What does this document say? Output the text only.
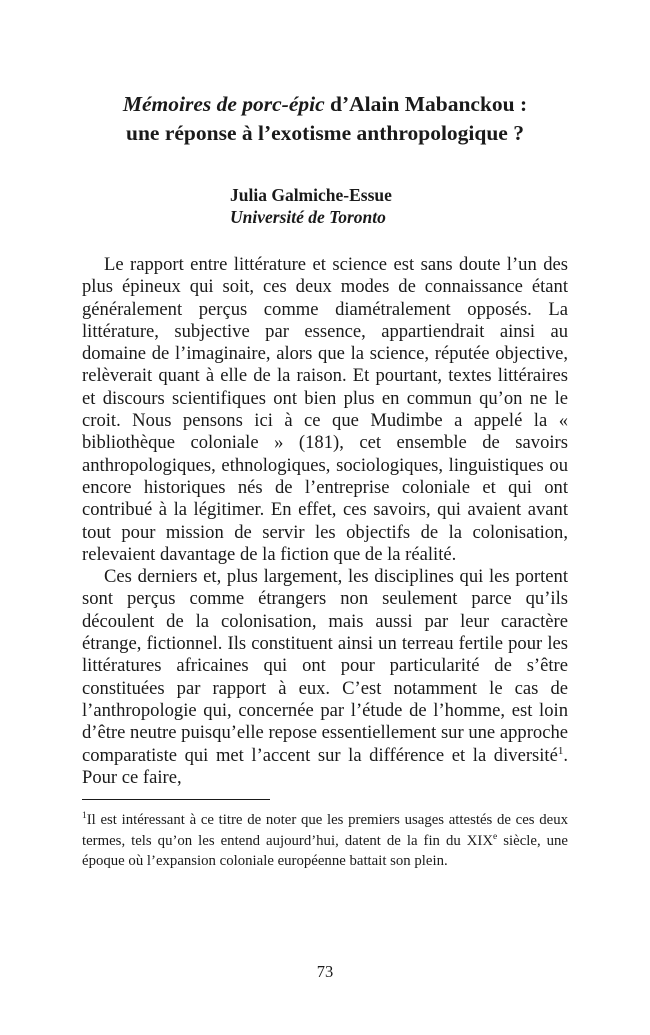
Mémoires de porc-épic d’Alain Mabanckou :
une réponse à l’exotisme anthropologique ?
Julia Galmiche-Essue
Université de Toronto

Le rapport entre littérature et science est sans doute l’un des plus épineux qui soit, ces deux modes de connaissance étant généralement perçus comme diamétralement opposés. La littérature, subjective par essence, appartiendrait ainsi au domaine de l’imaginaire, alors que la science, réputée objective, relèverait quant à elle de la raison. Et pourtant, textes littéraires et discours scientifiques ont bien plus en commun qu’on ne le croit. Nous pensons ici à ce que Mudimbe a appelé la « bibliothèque coloniale » (181), cet ensemble de savoirs anthropologiques, ethnologiques, sociologiques, linguistiques ou encore historiques nés de l’entreprise coloniale et qui ont contribué à la légitimer. En effet, ces savoirs, qui avaient avant tout pour mission de servir les objectifs de la colonisation, relevaient davantage de la fiction que de la réalité.

Ces derniers et, plus largement, les disciplines qui les portent sont perçus comme étrangers non seulement parce qu’ils découlent de la colonisation, mais aussi par leur caractère étrange, fictionnel. Ils constituent ainsi un terreau fertile pour les littératures africaines qui ont pour particularité de s’être constituées par rapport à eux. C’est notamment le cas de l’anthropologie qui, concernée par l’étude de l’homme, est loin d’être neutre puisqu’elle repose essentiellement sur une approche comparatiste qui met l’accent sur la différence et la diversité$^1$. Pour ce faire,

$^1$Il est intéressant à ce titre de noter que les premiers usages attestés de ces deux termes, tels qu’on les entend aujourd’hui, datent de la fin du XIXe siècle, une époque où l’expansion coloniale européenne battait son plein.
73
